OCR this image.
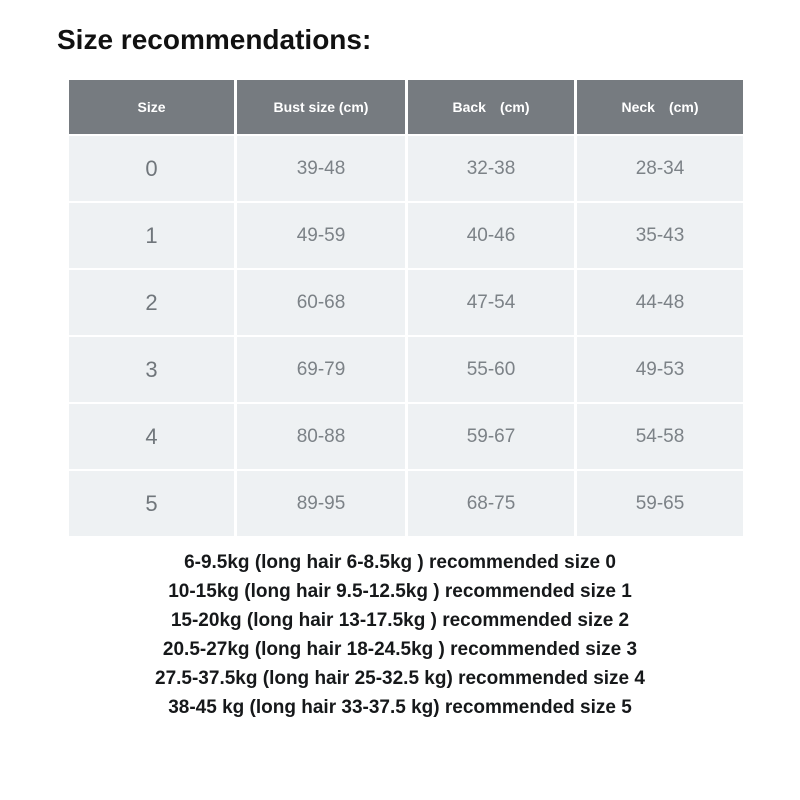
Size recommendations:
Size	Bust size (cm)	Back　(cm)	Neck　(cm)
0	39-48	32-38	28-34
1	49-59	40-46	35-43
2	60-68	47-54	44-48
3	69-79	55-60	49-53
4	80-88	59-67	54-58
5	89-95	68-75	59-65
6-9.5kg (long hair 6-8.5kg ) recommended size 0
10-15kg (long hair 9.5-12.5kg ) recommended size 1
15-20kg (long hair 13-17.5kg ) recommended size 2
20.5-27kg (long hair 18-24.5kg ) recommended size 3
27.5-37.5kg (long hair 25-32.5 kg) recommended size 4
38-45 kg (long hair 33-37.5 kg) recommended size 5
